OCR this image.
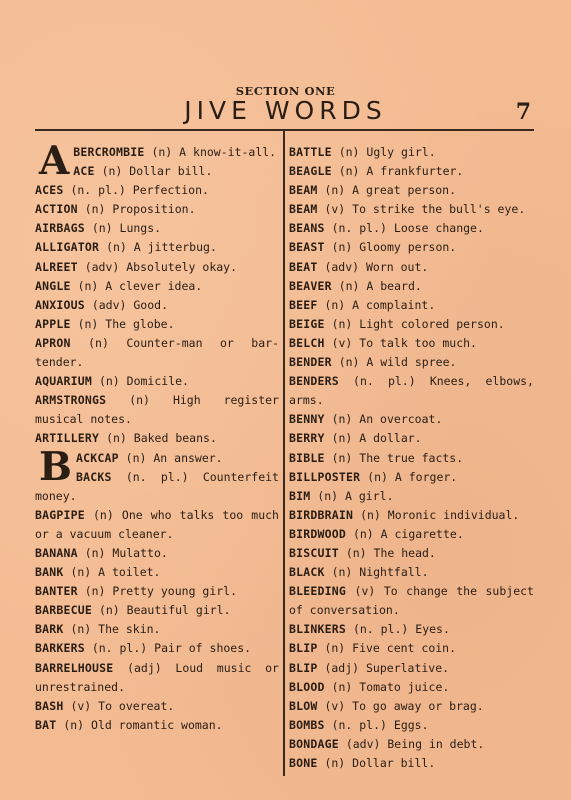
SECTION ONE
JIVE WORDS	7

ABERCROMBIE (n) A know-it-all.

ACE (n) Dollar bill.

ACES (n. pl.) Perfection.

ACTION (n) Proposition.

AIRBAGS (n) Lungs.

ALLIGATOR (n) A jitterbug.

ALREET (adv) Absolutely okay.

ANGLE (n) A clever idea.

ANXIOUS (adv) Good.

APPLE (n) The globe.

APRON (n) Counter-man or bar-tender.

AQUARIUM (n) Domicile.

ARMSTRONGS (n) High register musical notes.

ARTILLERY (n) Baked beans.

BACKCAP (n) An answer.

BACKS (n. pl.) Counterfeit money.

BAGPIPE (n) One who talks too much or a vacuum cleaner.

BANANA (n) Mulatto.

BANK (n) A toilet.

BANTER (n) Pretty young girl.

BARBECUE (n) Beautiful girl.

BARK (n) The skin.

BARKERS (n. pl.) Pair of shoes.

BARRELHOUSE (adj) Loud music or unrestrained.

BASH (v) To overeat.

BAT (n) Old romantic woman.

BATTLE (n) Ugly girl.

BEAGLE (n) A frankfurter.

BEAM (n) A great person.

BEAM (v) To strike the bull's eye.

BEANS (n. pl.) Loose change.

BEAST (n) Gloomy person.

BEAT (adv) Worn out.

BEAVER (n) A beard.

BEEF (n) A complaint.

BEIGE (n) Light colored person.

BELCH (v) To talk too much.

BENDER (n) A wild spree.

BENDERS (n. pl.) Knees, elbows, arms.

BENNY (n) An overcoat.

BERRY (n) A dollar.

BIBLE (n) The true facts.

BILLPOSTER (n) A forger.

BIM (n) A girl.

BIRDBRAIN (n) Moronic individual.

BIRDWOOD (n) A cigarette.

BISCUIT (n) The head.

BLACK (n) Nightfall.

BLEEDING (v) To change the subject of conversation.

BLINKERS (n. pl.) Eyes.

BLIP (n) Five cent coin.

BLIP (adj) Superlative.

BLOOD (n) Tomato juice.

BLOW (v) To go away or brag.

BOMBS (n. pl.) Eggs.

BONDAGE (adv) Being in debt.

BONE (n) Dollar bill.
